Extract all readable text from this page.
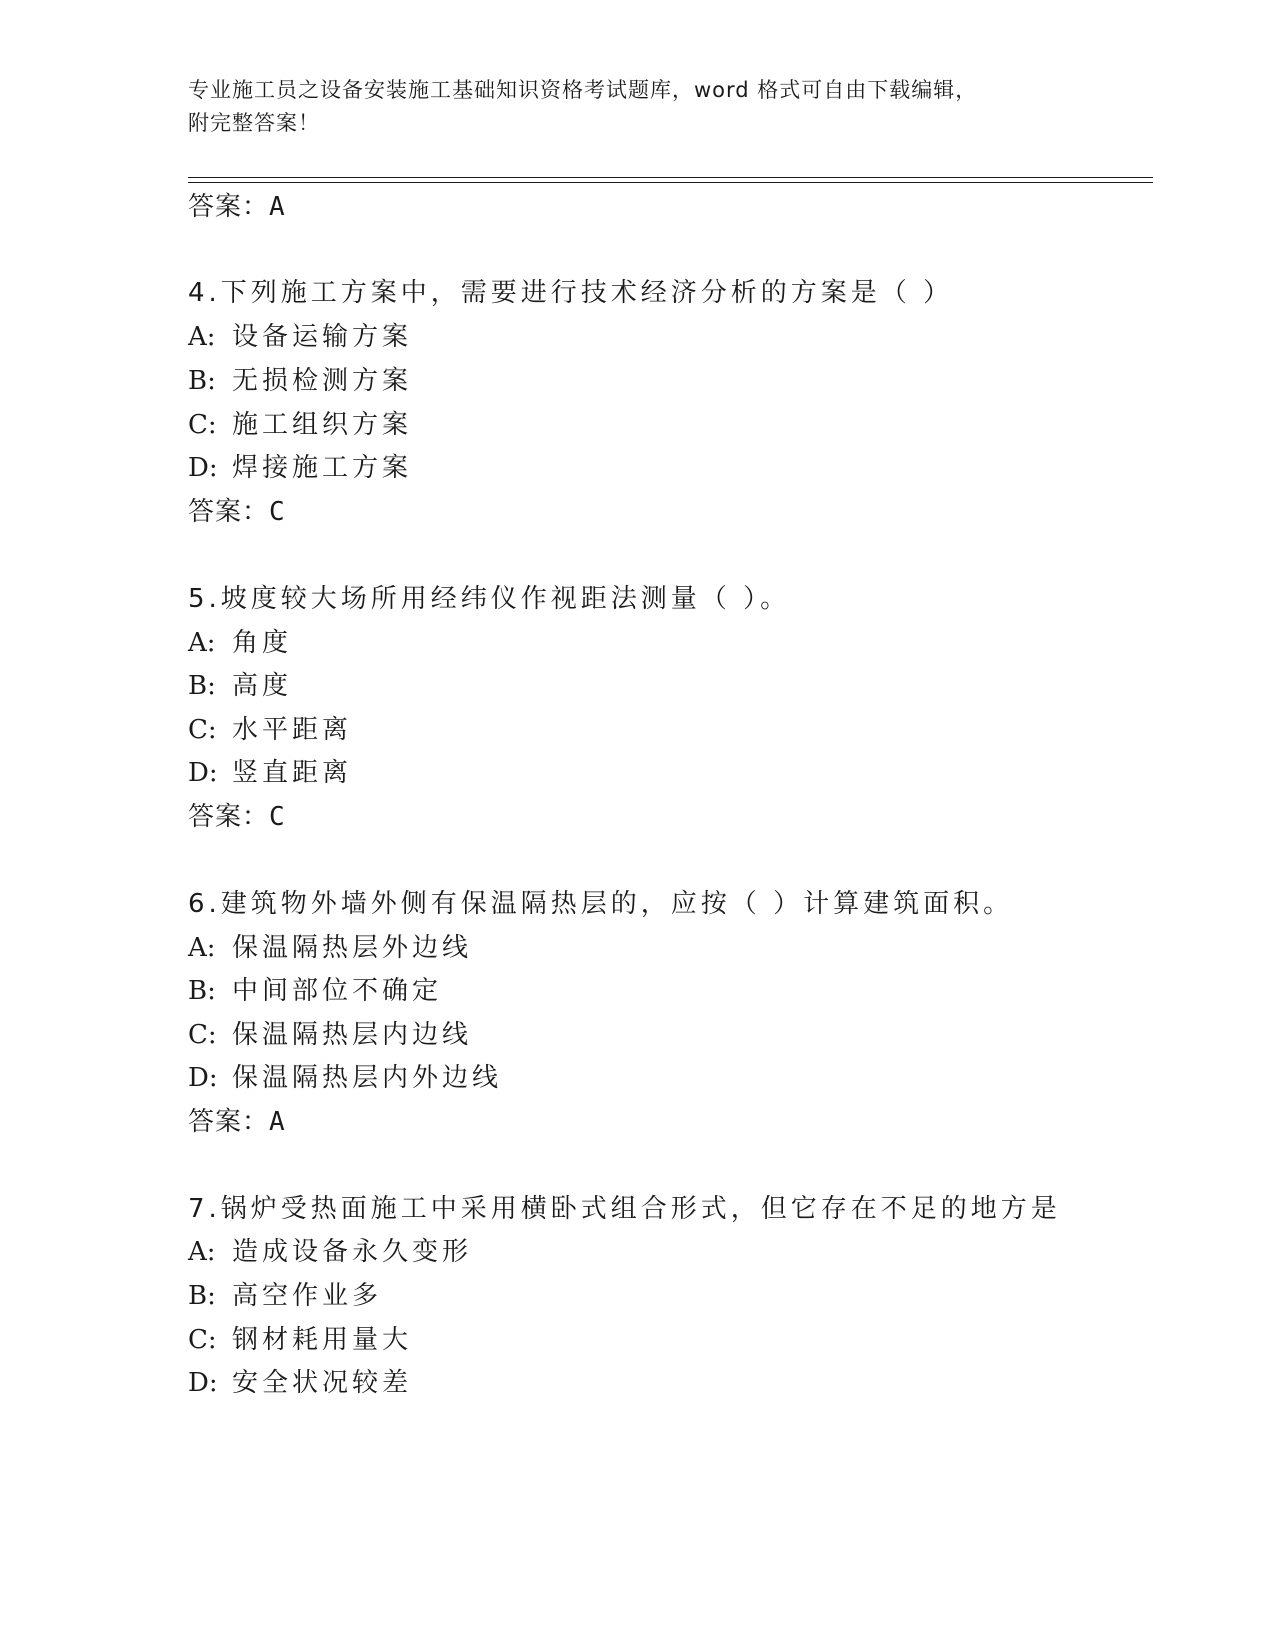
专业施工员之设备安装施工基础知识资格考试题库，word 格式可自由下载编辑，
附完整答案！
答案：A
4.下列施工方案中，需要进行技术经济分析的方案是（ ）
A: 设备运输方案
B: 无损检测方案
C: 施工组织方案
D: 焊接施工方案
答案：C
5.坡度较大场所用经纬仪作视距法测量（ ）。
A: 角度
B: 高度
C: 水平距离
D: 竖直距离
答案：C
6.建筑物外墙外侧有保温隔热层的，应按（ ）计算建筑面积。
A: 保温隔热层外边线
B: 中间部位不确定
C: 保温隔热层内边线
D: 保温隔热层内外边线
答案：A
7.锅炉受热面施工中采用横卧式组合形式，但它存在不足的地方是
A: 造成设备永久变形
B: 高空作业多
C: 钢材耗用量大
D: 安全状况较差
